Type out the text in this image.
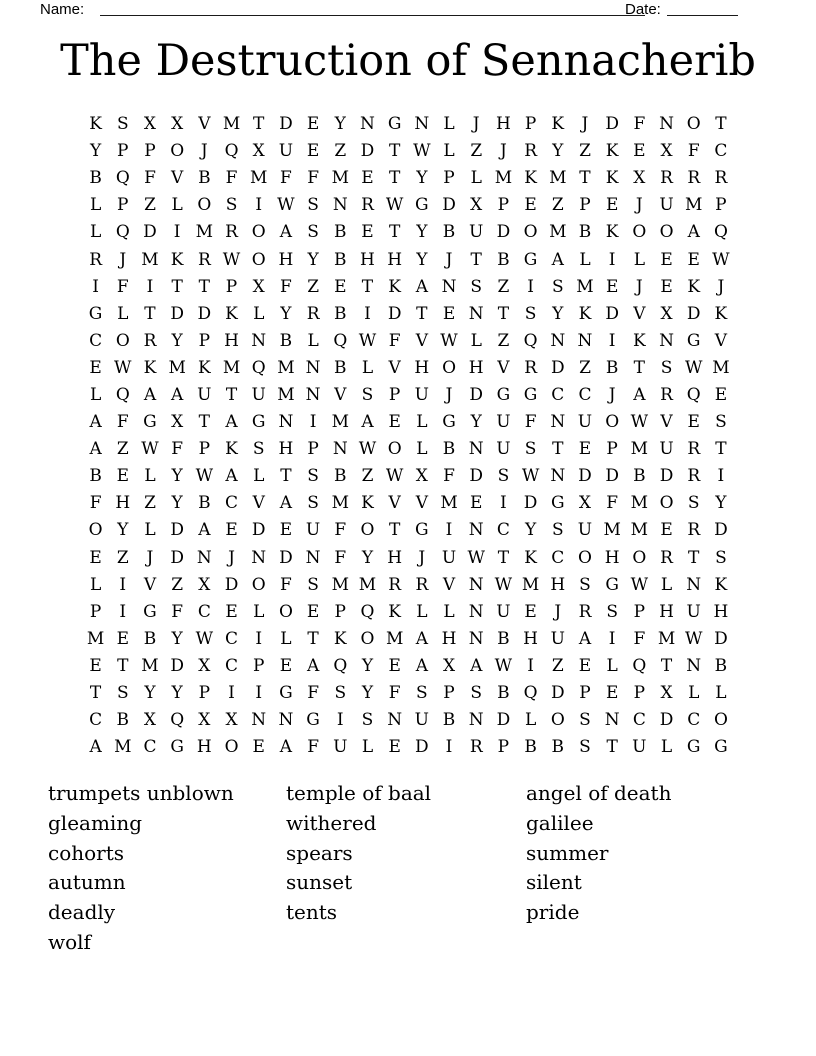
Name:	Date:
The Destruction of Sennacherib
K S X X V M T D E Y N G N L	J H P K	J D F N O T
Y P P O J Q X U E Z D T W L Z	J	R Y Z K E X F C
B Q F V B F M F F M E T Y P L M K M T K X R R R
L P Z L O S	I W S N R W G D X P E Z P E	J U M P
L Q D	I M R O A S B E T Y B U D O M B K O O A Q
R	J M K R W O H Y B H H Y	J	T B G A L	I	L E E W
I	F	I	T T P X F Z E T K A N S Z	I	S M E	J	E K	J
G L T D D K L Y R B	I	D T E N T S Y K D V X D K
C O R Y P H N B L Q W F V W L Z Q N N I	K N G V
E W K M K M Q M N B L V H O H V R D Z B T S W M
L Q A A U T U M N V S P U J D G G C C	J	A R Q E
A F G X T A G N I M A E L G Y U F N U O W V E S
A Z W F P K S H P N W O L B N U S T E P M U R T
B E L Y W A L T S B Z W X F D S W N D D B D R	I
F H Z Y B C V A S M K V V M E	I	D G X F M O S Y
O Y L D A E D E U F O T G	I N C Y S U M M E R D
E Z	J D N J N D N F Y H J U W T K C O H O R T S
L	I	V Z X D O F S M M R R V N W M H S G W L N K
P	I	G F C E L O E P Q K L L N U E	J	R S P H U H
M E B Y W C	I	L T K O M A H N B H U A	I	F M W D
E T M D X C P E A Q Y E A X A W I	Z E L Q T N B
T S Y Y P	I	I	G F S Y F S P S B Q D P E P X L L
C B X Q X X N N G	I	S N U B N D L O S N C D C O
A M C G H O E A F U L E D	I	R P B B S T U L G G
trumpets unblown
gleaming
cohorts
autumn
deadly
wolf
temple of baal
withered
spears
sunset
tents
angel of death
galilee
summer
silent
pride
